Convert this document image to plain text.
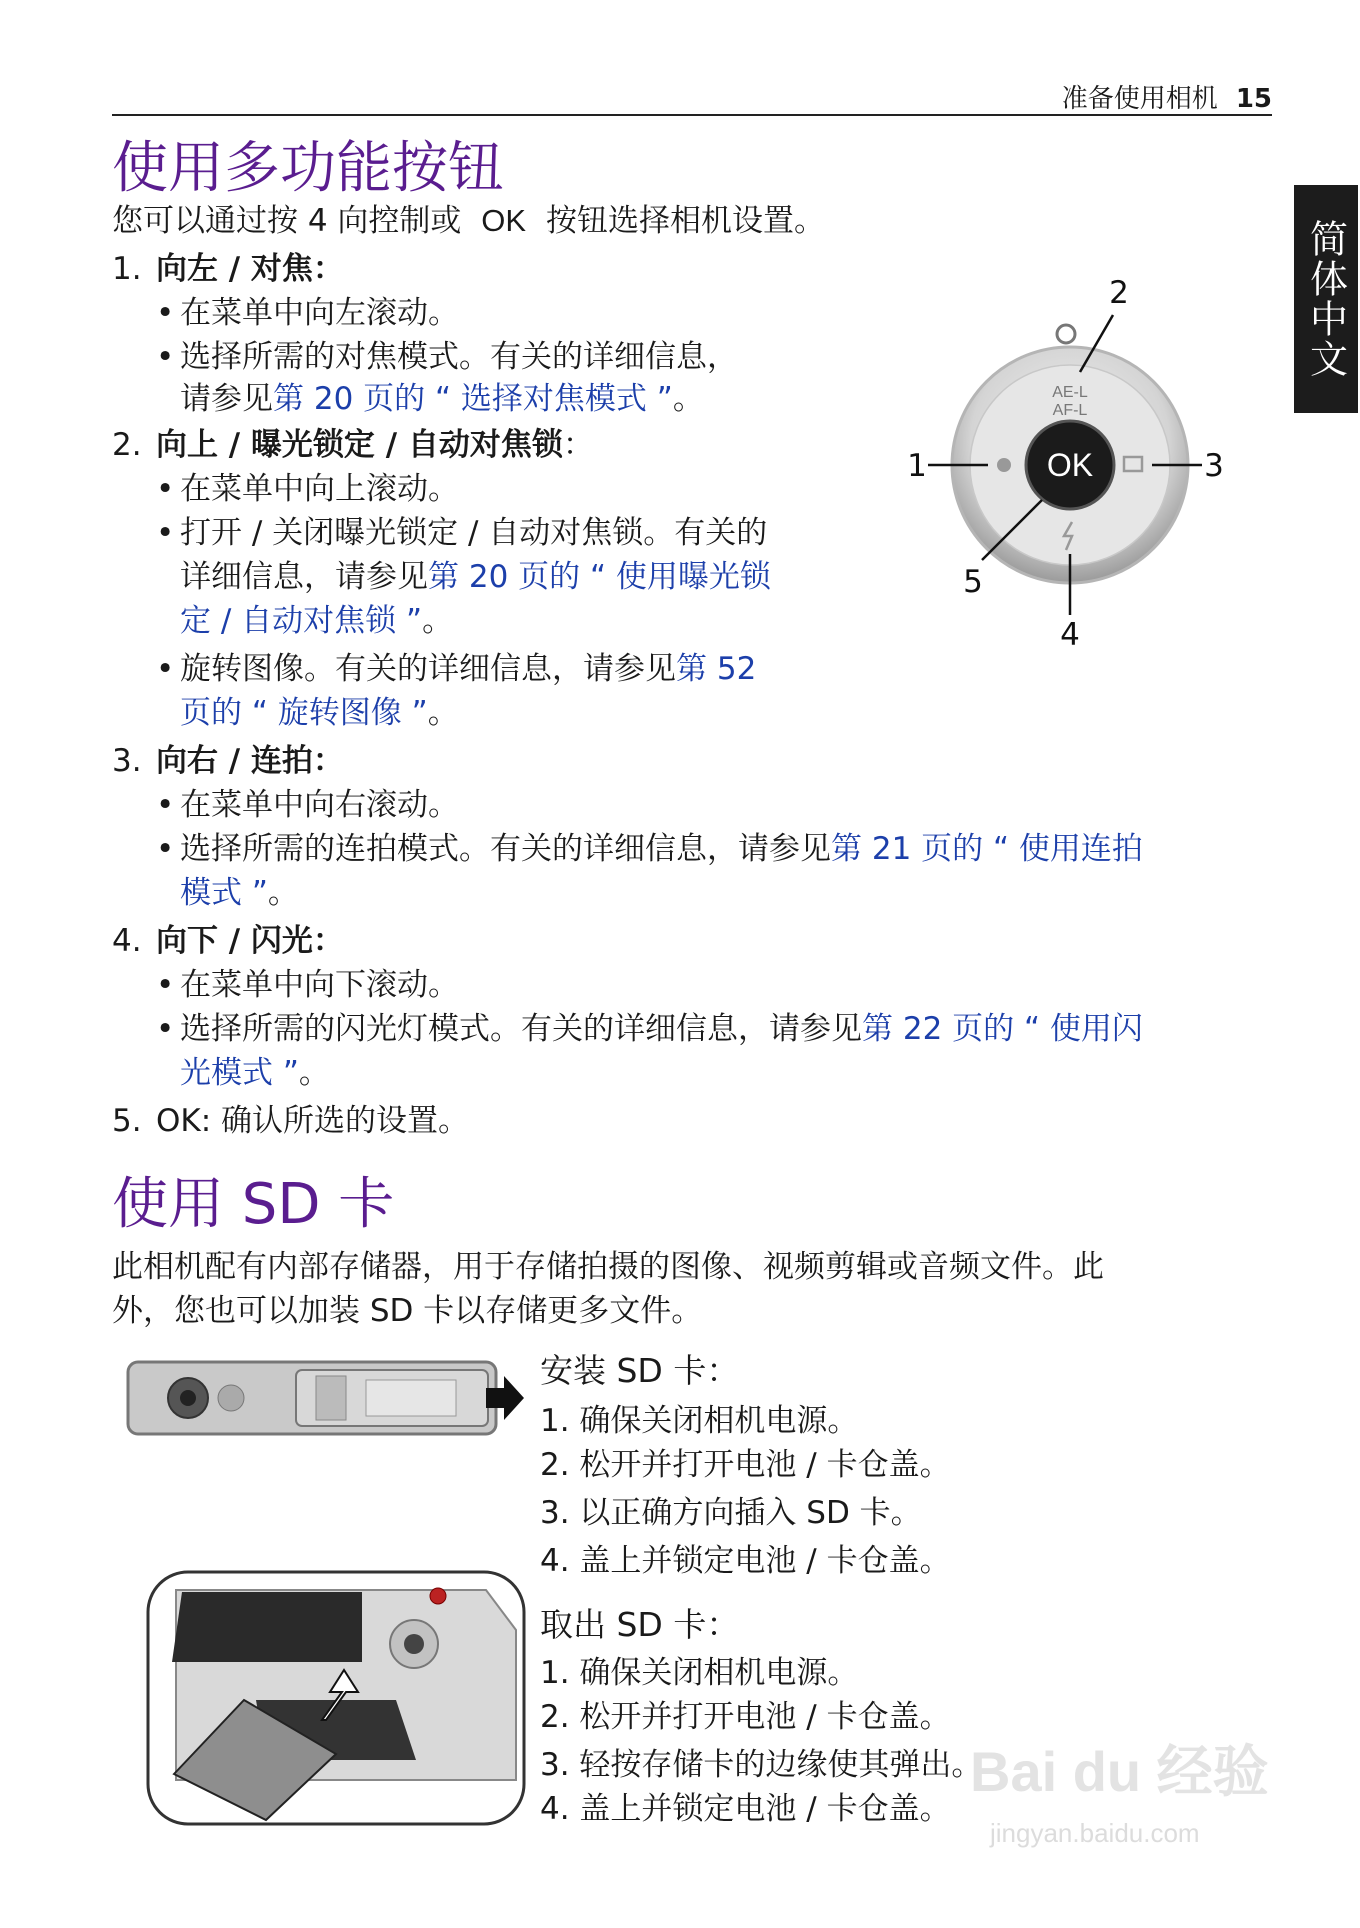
准备使用相机 15
简体中文
使用多功能按钮
您可以通过按 4 向控制或 OK 按钮选择相机设置。
1. 向左 / 对焦：
• 在菜单中向左滚动。
• 选择所需的对焦模式。有关的详细信息，
请参见第 20 页的 “ 选择对焦模式 ”。
2. 向上 / 曝光锁定 / 自动对焦锁：
• 在菜单中向上滚动。
• 打开 / 关闭曝光锁定 / 自动对焦锁。有关的
详细信息，请参见第 20 页的 “ 使用曝光锁
定 / 自动对焦锁 ”。
• 旋转图像。有关的详细信息，请参见第 52
页的 “ 旋转图像 ”。
3. 向右 / 连拍：
• 在菜单中向右滚动。
• 选择所需的连拍模式。有关的详细信息，请参见第 21 页的 “ 使用连拍
模式 ”。
4. 向下 / 闪光：
• 在菜单中向下滚动。
• 选择所需的闪光灯模式。有关的详细信息，请参见第 22 页的 “ 使用闪
光模式 ”。
5. OK: 确认所选的设置。
OK
AE-L
AF-L
2
1	3
4
5
使用 SD 卡
此相机配有内部存储器，用于存储拍摄的图像、视频剪辑或音频文件。此
外，您也可以加装 SD 卡以存储更多文件。
安装 SD 卡：
1. 确保关闭相机电源。
2. 松开并打开电池 / 卡仓盖。
3. 以正确方向插入 SD 卡。
4. 盖上并锁定电池 / 卡仓盖。
取出 SD 卡：
1. 确保关闭相机电源。
2. 松开并打开电池 / 卡仓盖。
3. 轻按存储卡的边缘使其弹出。
4. 盖上并锁定电池 / 卡仓盖。
Bai du 经验
jingyan.baidu.com
